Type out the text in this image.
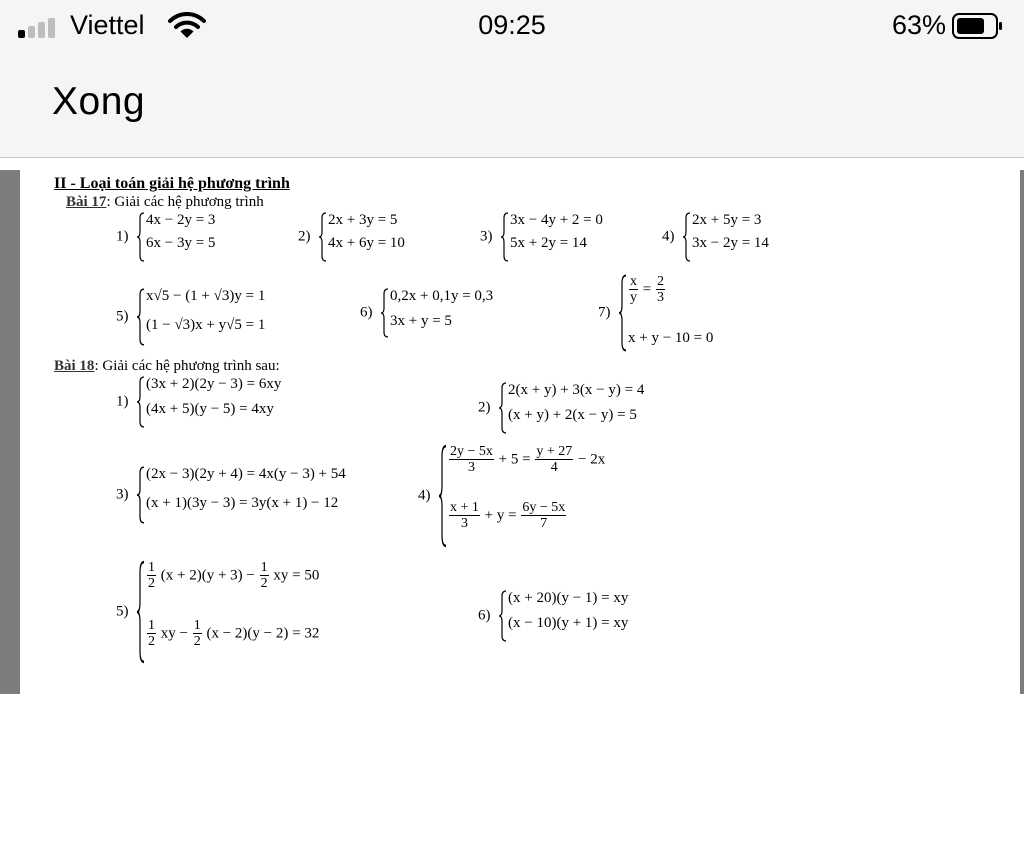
Viettel	09:25	63%
Xong
II - Loại toán giải hệ phương trình
Bài 17: Giải các hệ phương trình
1)
4x − 2y = 3
6x − 3y = 5	2)
2x + 3y = 5
4x + 6y = 10	3)
3x − 4y + 2 = 0
5x + 2y = 14	4)
2x + 5y = 3
3x − 2y = 14
5)
x√5 − (1 + √3)y = 1
(1 − √3)x + y√5 = 1
6)
0,2x + 0,1y = 0,3
3x + y = 5
7)
$\frac{x}{y} = \frac{2}{3}$
x + y − 10 = 0
Bài 18: Giải các hệ phương trình sau:
1)
(3x + 2)(2y − 3) = 6xy
(4x + 5)(y − 5) = 4xy	2)
2(x + y) + 3(x − y) = 4
(x + y) + 2(x − y) = 5
3)
(2x − 3)(2y + 4) = 4x(y − 3) + 54
(x + 1)(3y − 3) = 3y(x + 1) − 12	4)
$\frac{2y - 5x}{3} + 5 = \frac{y + 27}{4} - 2x$
$\frac{x + 1}{3} + y = \frac{6y - 5x}{7}$
5)
$\frac{1}{2} (x + 2)(y + 3) - \frac{1}{2}$ xy = 50
$\frac{1}{2}$ xy − $\frac{1}{2} (x - 2)(y - 2) = 32$
6)
(x + 20)(y − 1) = xy
(x − 10)(y + 1) = xy
